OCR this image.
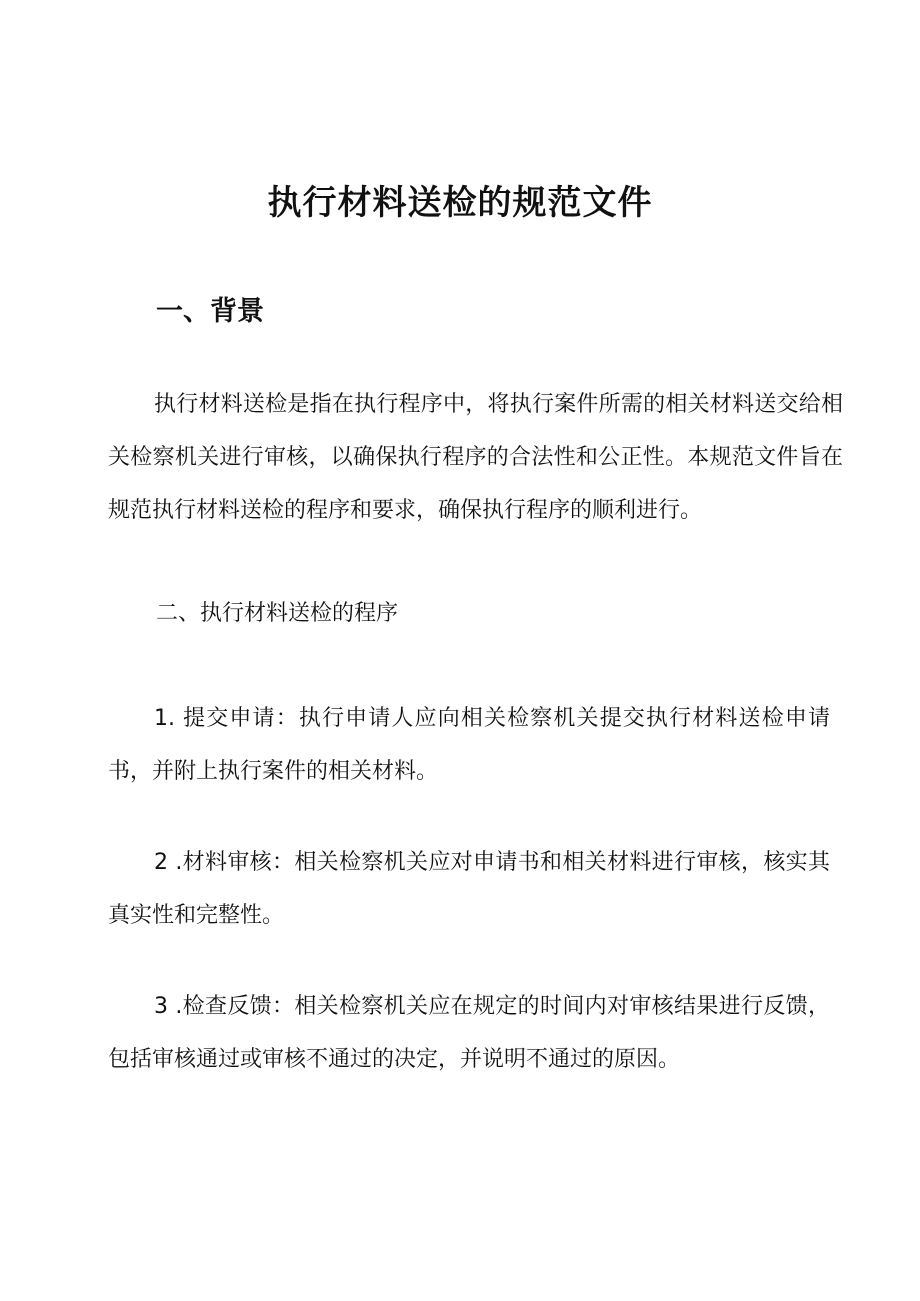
执行材料送检的规范文件
一、背景

执行材料送检是指在执行程序中，将执行案件所需的相关材料送交给相关检察机关进行审核，以确保执行程序的合法性和公正性。本规范文件旨在规范执行材料送检的程序和要求，确保执行程序的顺利进行。

二、执行材料送检的程序

1. 提交申请：执行申请人应向相关检察机关提交执行材料送检申请书，并附上执行案件的相关材料。

2 .材料审核：相关检察机关应对申请书和相关材料进行审核，核实其真实性和完整性。

3 .检查反馈：相关检察机关应在规定的时间内对审核结果进行反馈，包括审核通过或审核不通过的决定，并说明不通过的原因。
